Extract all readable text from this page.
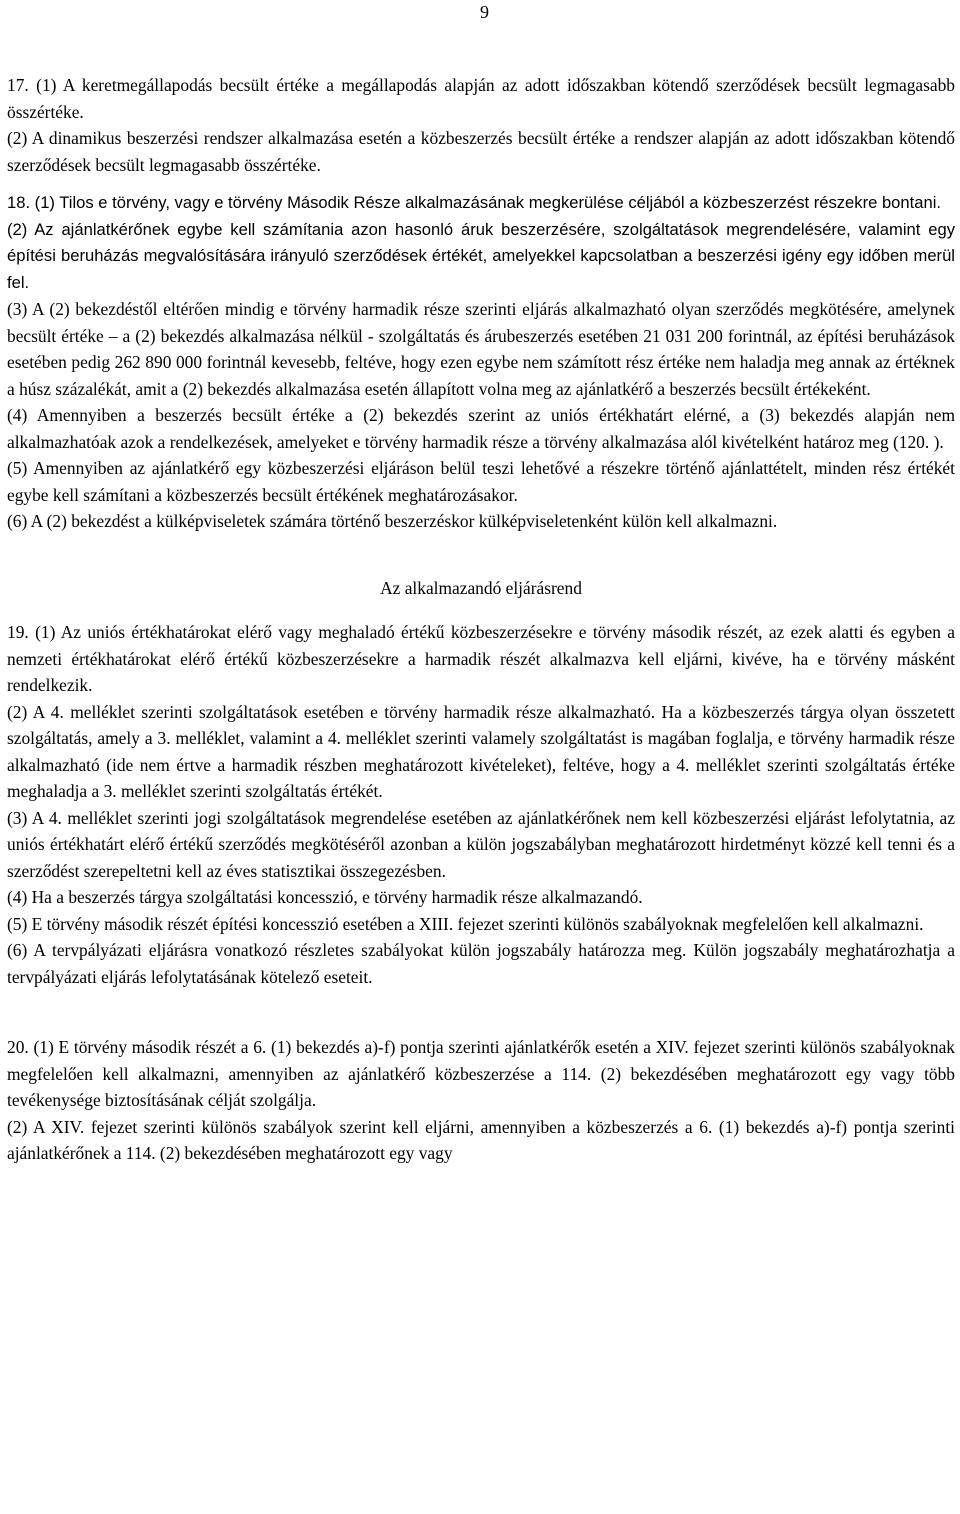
9

17. (1) A keretmegállapodás becsült értéke a megállapodás alapján az adott időszakban kötendő szerződések becsült legmagasabb összértéke.

(2) A dinamikus beszerzési rendszer alkalmazása esetén a közbeszerzés becsült értéke a rendszer alapján az adott időszakban kötendő szerződések becsült legmagasabb összértéke.

18. (1) Tilos e törvény, vagy e törvény Második Része alkalmazásának megkerülése céljából a közbeszerzést részekre bontani.

(2) Az ajánlatkérőnek egybe kell számítania azon hasonló áruk beszerzésére, szolgáltatások megrendelésére, valamint egy építési beruházás megvalósítására irányuló szerződések értékét, amelyekkel kapcsolatban a beszerzési igény egy időben merül fel.

(3) A (2) bekezdéstől eltérően mindig e törvény harmadik része szerinti eljárás alkalmazható olyan szerződés megkötésére, amelynek becsült értéke – a (2) bekezdés alkalmazása nélkül - szolgáltatás és árubeszerzés esetében 21 031 200 forintnál, az építési beruházások esetében pedig 262 890 000 forintnál kevesebb, feltéve, hogy ezen egybe nem számított rész értéke nem haladja meg annak az értéknek a húsz százalékát, amit a (2) bekezdés alkalmazása esetén állapított volna meg az ajánlatkérő a beszerzés becsült értékeként.

(4) Amennyiben a beszerzés becsült értéke a (2) bekezdés szerint az uniós értékhatárt elérné, a (3) bekezdés alapján nem alkalmazhatóak azok a rendelkezések, amelyeket e törvény harmadik része a törvény alkalmazása alól kivételként határoz meg (120. ).

(5) Amennyiben az ajánlatkérő egy közbeszerzési eljáráson belül teszi lehetővé a részekre történő ajánlattételt, minden rész értékét egybe kell számítani a közbeszerzés becsült értékének meghatározásakor.

(6) A (2) bekezdést a külképviseletek számára történő beszerzéskor külképviseletenként külön kell alkalmazni.

Az alkalmazandó eljárásrend

19. (1) Az uniós értékhatárokat elérő vagy meghaladó értékű közbeszerzésekre e törvény második részét, az ezek alatti és egyben a nemzeti értékhatárokat elérő értékű közbeszerzésekre a harmadik részét alkalmazva kell eljárni, kivéve, ha e törvény másként rendelkezik.

(2) A 4. melléklet szerinti szolgáltatások esetében e törvény harmadik része alkalmazható. Ha a közbeszerzés tárgya olyan összetett szolgáltatás, amely a 3. melléklet, valamint a 4. melléklet szerinti valamely szolgáltatást is magában foglalja, e törvény harmadik része alkalmazható (ide nem értve a harmadik részben meghatározott kivételeket), feltéve, hogy a 4. melléklet szerinti szolgáltatás értéke meghaladja a 3. melléklet szerinti szolgáltatás értékét.

(3) A 4. melléklet szerinti jogi szolgáltatások megrendelése esetében az ajánlatkérőnek nem kell közbeszerzési eljárást lefolytatnia, az uniós értékhatárt elérő értékű szerződés megkötéséről azonban a külön jogszabályban meghatározott hirdetményt közzé kell tenni és a szerződést szerepeltetni kell az éves statisztikai összegezésben.

(4) Ha a beszerzés tárgya szolgáltatási koncesszió, e törvény harmadik része alkalmazandó.

(5) E törvény második részét építési koncesszió esetében a XIII. fejezet szerinti különös szabályoknak megfelelően kell alkalmazni.

(6) A tervpályázati eljárásra vonatkozó részletes szabályokat külön jogszabály határozza meg. Külön jogszabály meghatározhatja a tervpályázati eljárás lefolytatásának kötelező eseteit.

20. (1) E törvény második részét a 6. (1) bekezdés a)-f) pontja szerinti ajánlatkérők esetén a XIV. fejezet szerinti különös szabályoknak megfelelően kell alkalmazni, amennyiben az ajánlatkérő közbeszerzése a 114. (2) bekezdésében meghatározott egy vagy több tevékenysége biztosításának célját szolgálja.

(2) A XIV. fejezet szerinti különös szabályok szerint kell eljárni, amennyiben a közbeszerzés a 6. (1) bekezdés a)-f) pontja szerinti ajánlatkérőnek a 114. (2) bekezdésében meghatározott egy vagy
